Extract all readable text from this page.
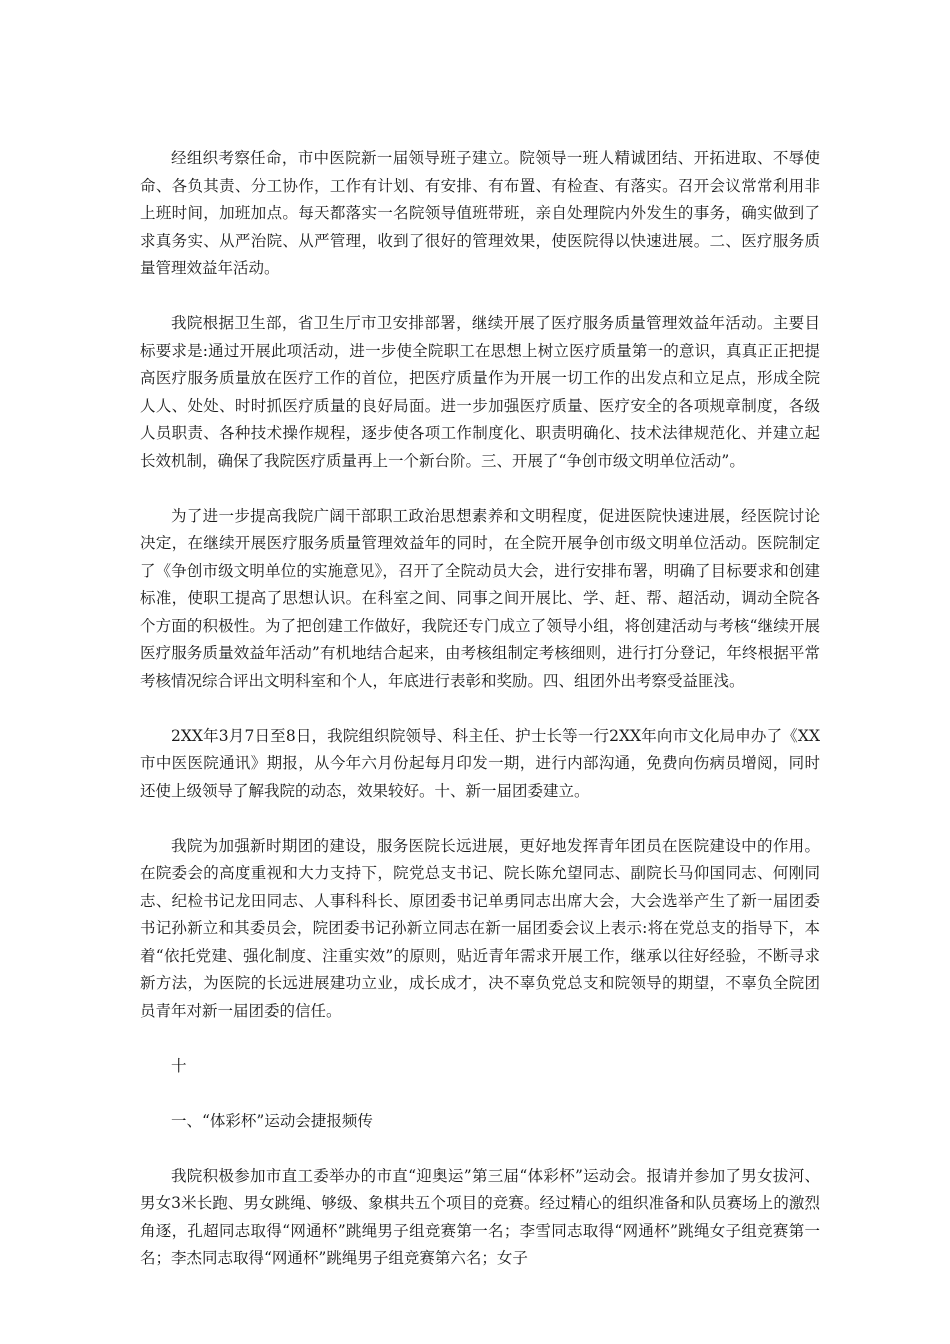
经组织考察任命，市中医院新一届领导班子建立。院领导一班人精诚团结、开拓进取、不辱使命、各负其责、分工协作，工作有计划、有安排、有布置、有检查、有落实。召开会议常常利用非上班时间，加班加点。每天都落实一名院领导值班带班，亲自处理院内外发生的事务，确实做到了求真务实、从严治院、从严管理，收到了很好的管理效果，使医院得以快速进展。二、医疗服务质量管理效益年活动。

我院根据卫生部，省卫生厅市卫安排部署，继续开展了医疗服务质量管理效益年活动。主要目标要求是:通过开展此项活动，进一步使全院职工在思想上树立医疗质量第一的意识，真真正正把提高医疗服务质量放在医疗工作的首位，把医疗质量作为开展一切工作的出发点和立足点，形成全院人人、处处、时时抓医疗质量的良好局面。进一步加强医疗质量、医疗安全的各项规章制度，各级人员职责、各种技术操作规程，逐步使各项工作制度化、职责明确化、技术法律规范化、并建立起长效机制，确保了我院医疗质量再上一个新台阶。三、开展了“争创市级文明单位活动”。

为了进一步提高我院广阔干部职工政治思想素养和文明程度，促进医院快速进展，经医院讨论决定，在继续开展医疗服务质量管理效益年的同时，在全院开展争创市级文明单位活动。医院制定了《争创市级文明单位的实施意见》，召开了全院动员大会，进行安排布署，明确了目标要求和创建标准，使职工提高了思想认识。在科室之间、同事之间开展比、学、赶、帮、超活动，调动全院各个方面的积极性。为了把创建工作做好，我院还专门成立了领导小组，将创建活动与考核“继续开展医疗服务质量效益年活动”有机地结合起来，由考核组制定考核细则，进行打分登记，年终根据平常考核情况综合评出文明科室和个人，年底进行表彰和奖励。四、组团外出考察受益匪浅。

2XX年3月7日至8日，我院组织院领导、科主任、护士长等一行2XX年向市文化局申办了《XX市中医医院通讯》期报，从今年六月份起每月印发一期，进行内部沟通，免费向伤病员增阅，同时还使上级领导了解我院的动态，效果较好。十、新一届团委建立。

我院为加强新时期团的建设，服务医院长远进展，更好地发挥青年团员在医院建设中的作用。在院委会的高度重视和大力支持下，院党总支书记、院长陈允望同志、副院长马仰国同志、何刚同志、纪检书记龙田同志、人事科科长、原团委书记单勇同志出席大会，大会选举产生了新一届团委书记孙新立和其委员会，院团委书记孙新立同志在新一届团委会议上表示:将在党总支的指导下，本着“依托党建、强化制度、注重实效”的原则，贴近青年需求开展工作，继承以往好经验，不断寻求新方法，为医院的长远进展建功立业，成长成才，决不辜负党总支和院领导的期望，不辜负全院团员青年对新一届团委的信任。

十

一、“体彩杯”运动会捷报频传

我院积极参加市直工委举办的市直“迎奥运”第三届“体彩杯”运动会。报请并参加了男女拔河、男女3米长跑、男女跳绳、够级、象棋共五个项目的竞赛。经过精心的组织准备和队员赛场上的激烈角逐，孔超同志取得“网通杯”跳绳男子组竞赛第一名；李雪同志取得“网通杯”跳绳女子组竞赛第一名；李杰同志取得“网通杯”跳绳男子组竞赛第六名；女子
